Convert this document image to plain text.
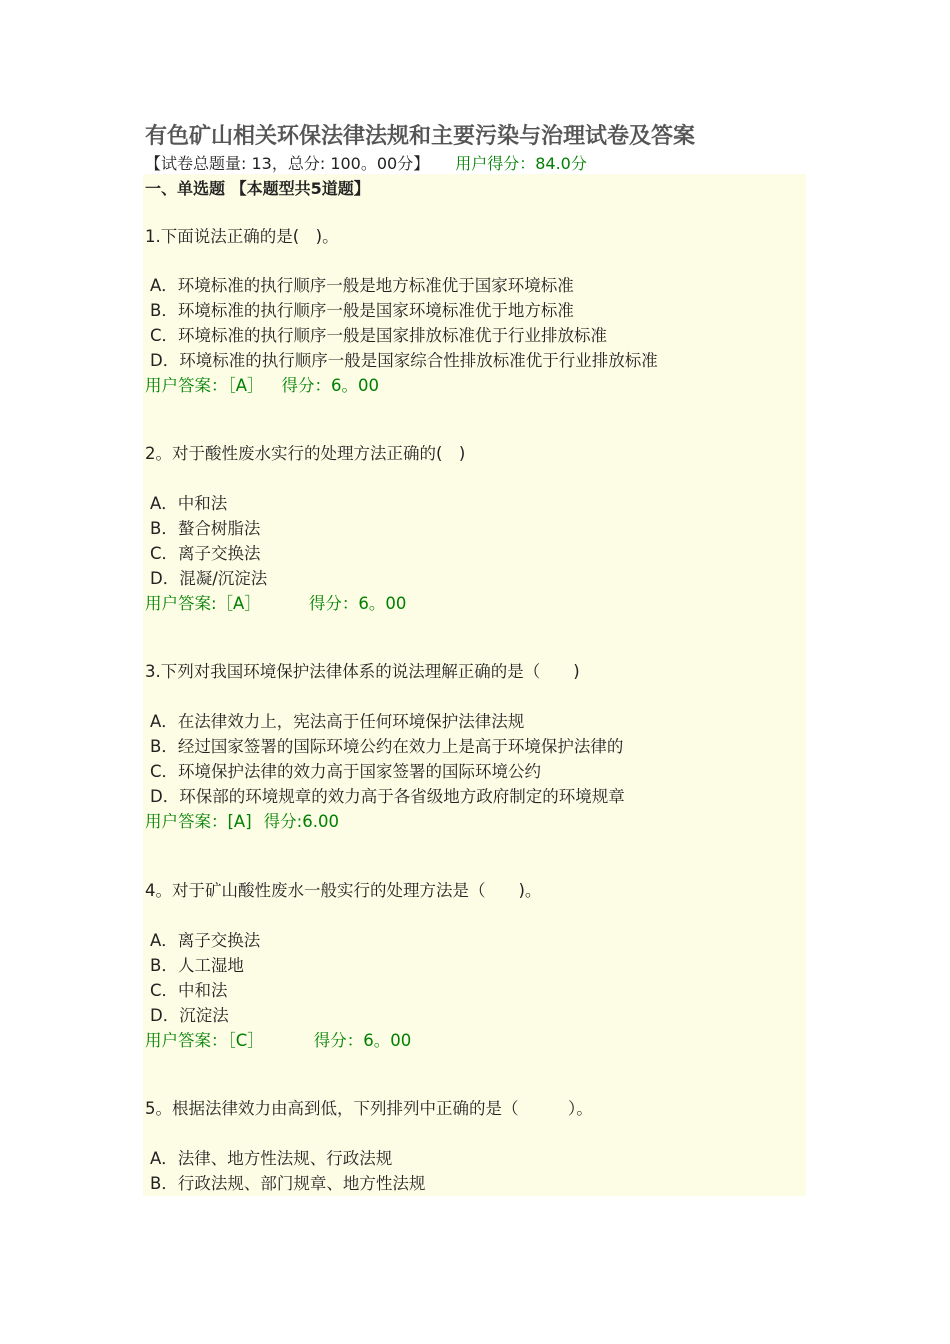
有色矿山相关环保法律法规和主要污染与治理试卷及答案
【试卷总题量: 13，总分: 100。00分】 用户得分：84.0分
一、单选题 【本题型共5道题】
1.下面说法正确的是(　)。
A．环境标准的执行顺序一般是地方标准优于国家环境标准
B．环境标准的执行顺序一般是国家环境标准优于地方标准
C．环境标准的执行顺序一般是国家排放标准优于行业排放标准
D．环境标准的执行顺序一般是国家综合性排放标准优于行业排放标准
用户答案：［A］ 得分：6。00
2。对于酸性废水实行的处理方法正确的(　)
A．中和法
B．螯合树脂法
C．离子交换法
D．混凝/沉淀法
用户答案:［A］	得分：6。00
3.下列对我国环境保护法律体系的说法理解正确的是（　　)
A．在法律效力上，宪法高于任何环境保护法律法规
B．经过国家签署的国际环境公约在效力上是高于环境保护法律的
C．环境保护法律的效力高于国家签署的国际环境公约
D．环保部的环境规章的效力高于各省级地方政府制定的环境规章
用户答案：[A] 得分:6.00
4。对于矿山酸性废水一般实行的处理方法是（　　)。
A．离子交换法
B．人工湿地
C．中和法
D．沉淀法
用户答案：［C］	得分：6。00
5。根据法律效力由高到低，下列排列中正确的是（　　　）。
A．法律、地方性法规、行政法规
B．行政法规、部门规章、地方性法规
